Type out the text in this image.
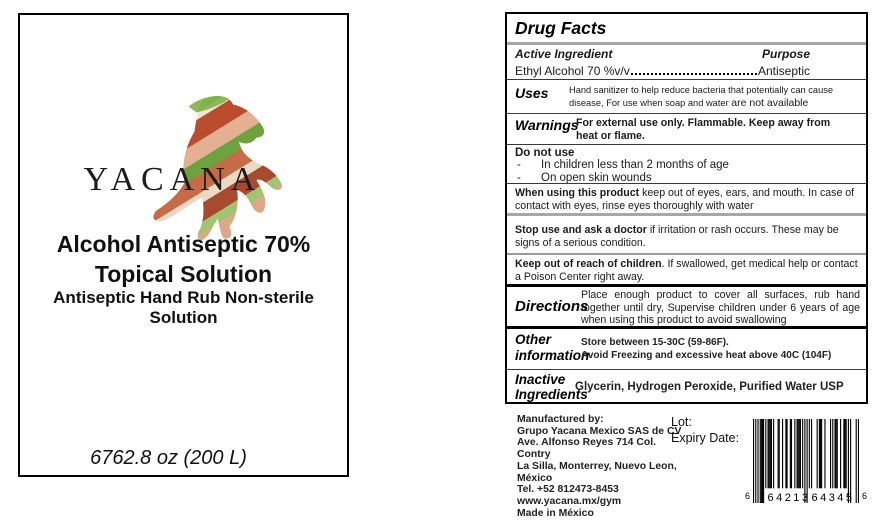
YACANA
Alcohol Antiseptic 70% Topical Solution
Antiseptic Hand Rub Non-sterile Solution
6762.8 oz (200 L)
Drug Facts
Active Ingredient	Purpose
Ethyl Alcohol 70 %v/v	Antiseptic
Uses	Hand sanitizer to help reduce bacteria that potentially can cause disease, For use when soap and water are not available
Warnings
For external use only. Flammable. Keep away from heat or flame.
Do not use
-	In children less than 2 months of age
-	On open skin wounds
When using this product keep out of eyes, ears, and mouth. In case of contact with eyes, rinse eyes thoroughly with water
Stop use and ask a doctor if irritation or rash occurs. These may be signs of a serious condition.
Keep out of reach of children. If swallowed, get medical help or contact a Poison Center right away.
Directions
Place enough product to cover all surfaces, rub hand together until dry, Supervise children under 6 years of age when using this product to avoid swallowing
Other information
Store between 15-30C (59-86F).
Avoid Freezing and excessive heat above 40C (104F)
Inactive Ingredients
Glycerin, Hydrogen Peroxide, Purified Water USP
Manufactured by:
Grupo Yacana Mexico SAS de CV
Ave. Alfonso Reyes 714 Col. Contry
La Silla, Monterrey, Nuevo Leon,
México
Tel. +52 812473-8453
www.yacana.mx/gym
Made in México
Lot:
Expiry Date:
6 64213 64345 6
